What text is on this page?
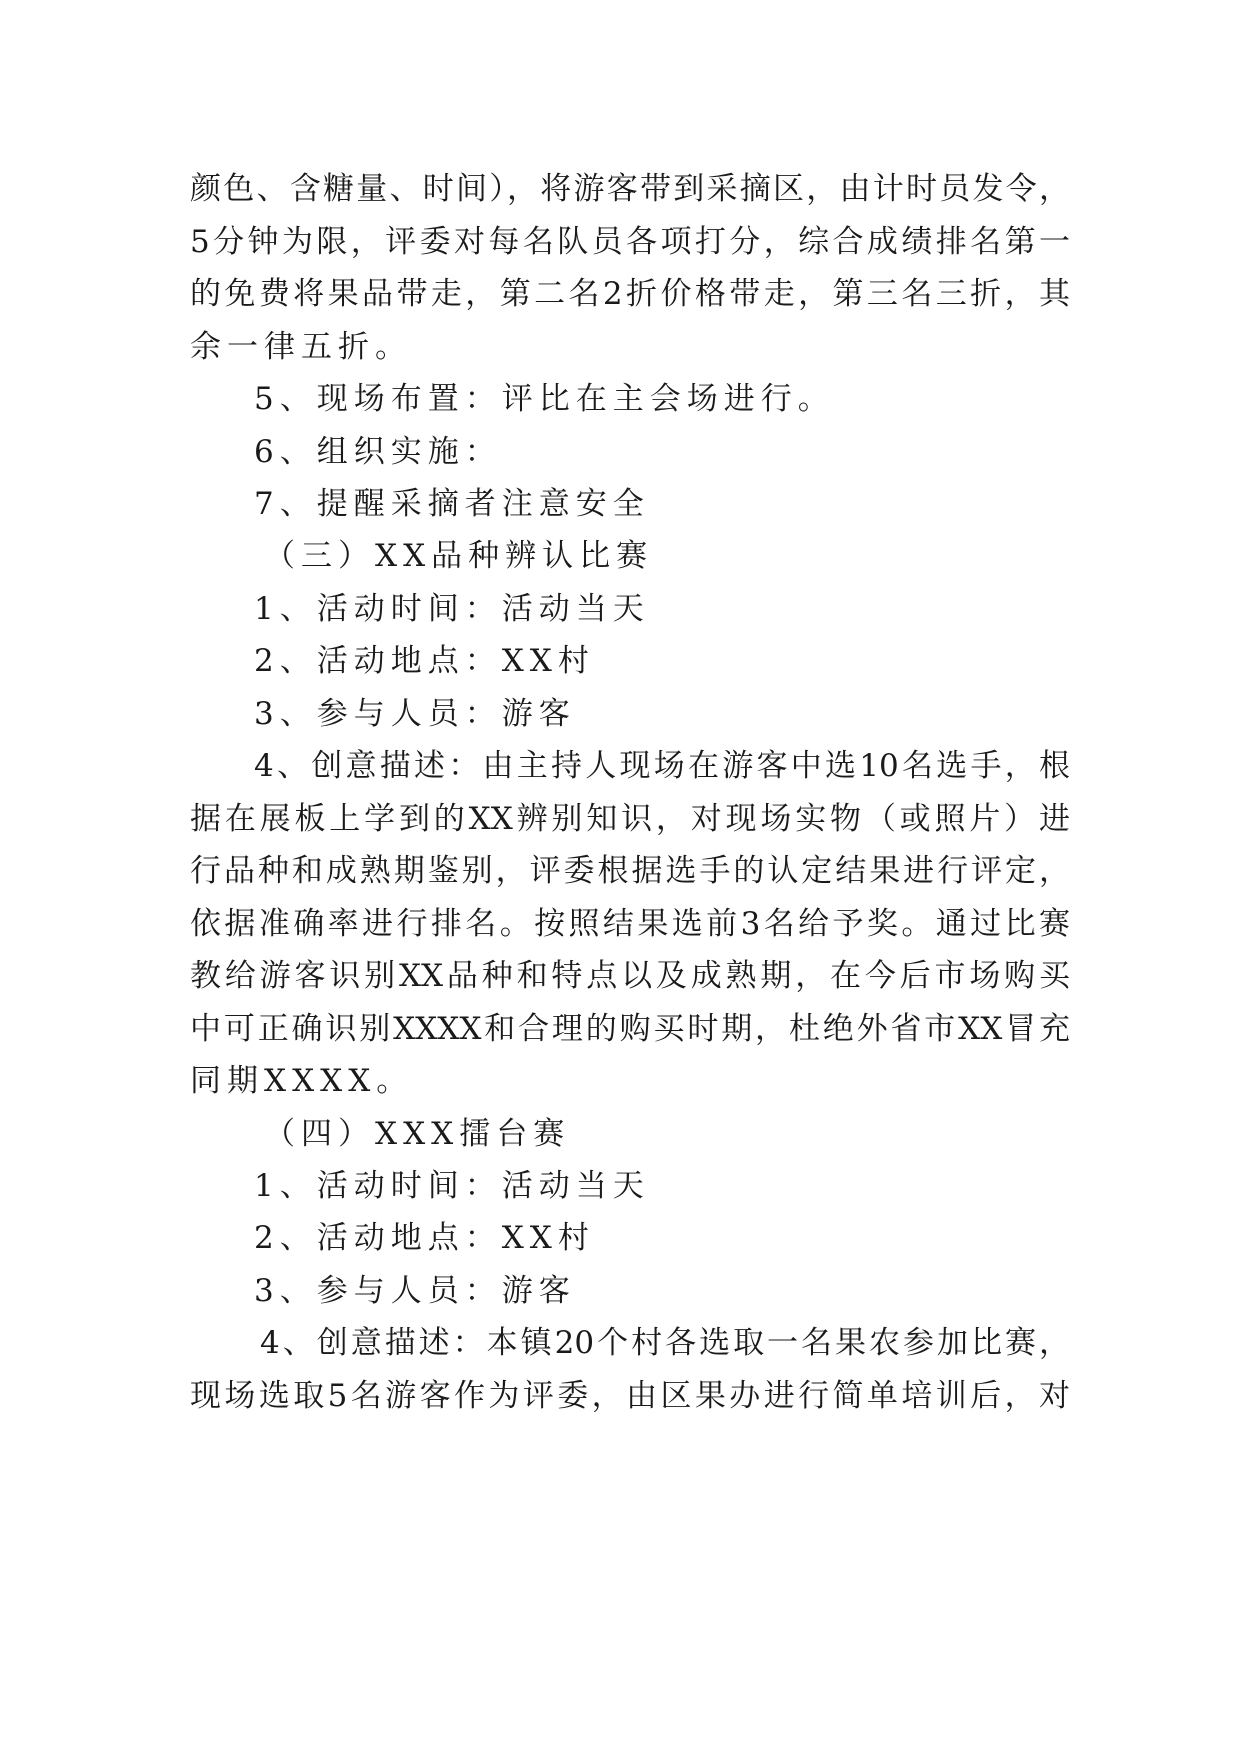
颜色、含糖量、时间），将游客带到采摘区，由计时员发令，
5分钟为限，评委对每名队员各项打分，综合成绩排名第一
的免费将果品带走，第二名2折价格带走，第三名三折，其
余一律五折。
5、现场布置：评比在主会场进行。
6、组织实施：
7、提醒采摘者注意安全
（三）XX品种辨认比赛
1、活动时间：活动当天
2、活动地点：XX村
3、参与人员：游客
4、创意描述：由主持人现场在游客中选10名选手，根
据在展板上学到的XX辨别知识，对现场实物（或照片）进
行品种和成熟期鉴别，评委根据选手的认定结果进行评定，
依据准确率进行排名。按照结果选前3名给予奖。通过比赛
教给游客识别XX品种和特点以及成熟期，在今后市场购买
中可正确识别XXXX和合理的购买时期，杜绝外省市XX冒充
同期XXXX。
（四）XXX擂台赛
1、活动时间：活动当天
2、活动地点：XX村
3、参与人员：游客
4、创意描述：本镇20个村各选取一名果农参加比赛，
现场选取5名游客作为评委，由区果办进行简单培训后，对
